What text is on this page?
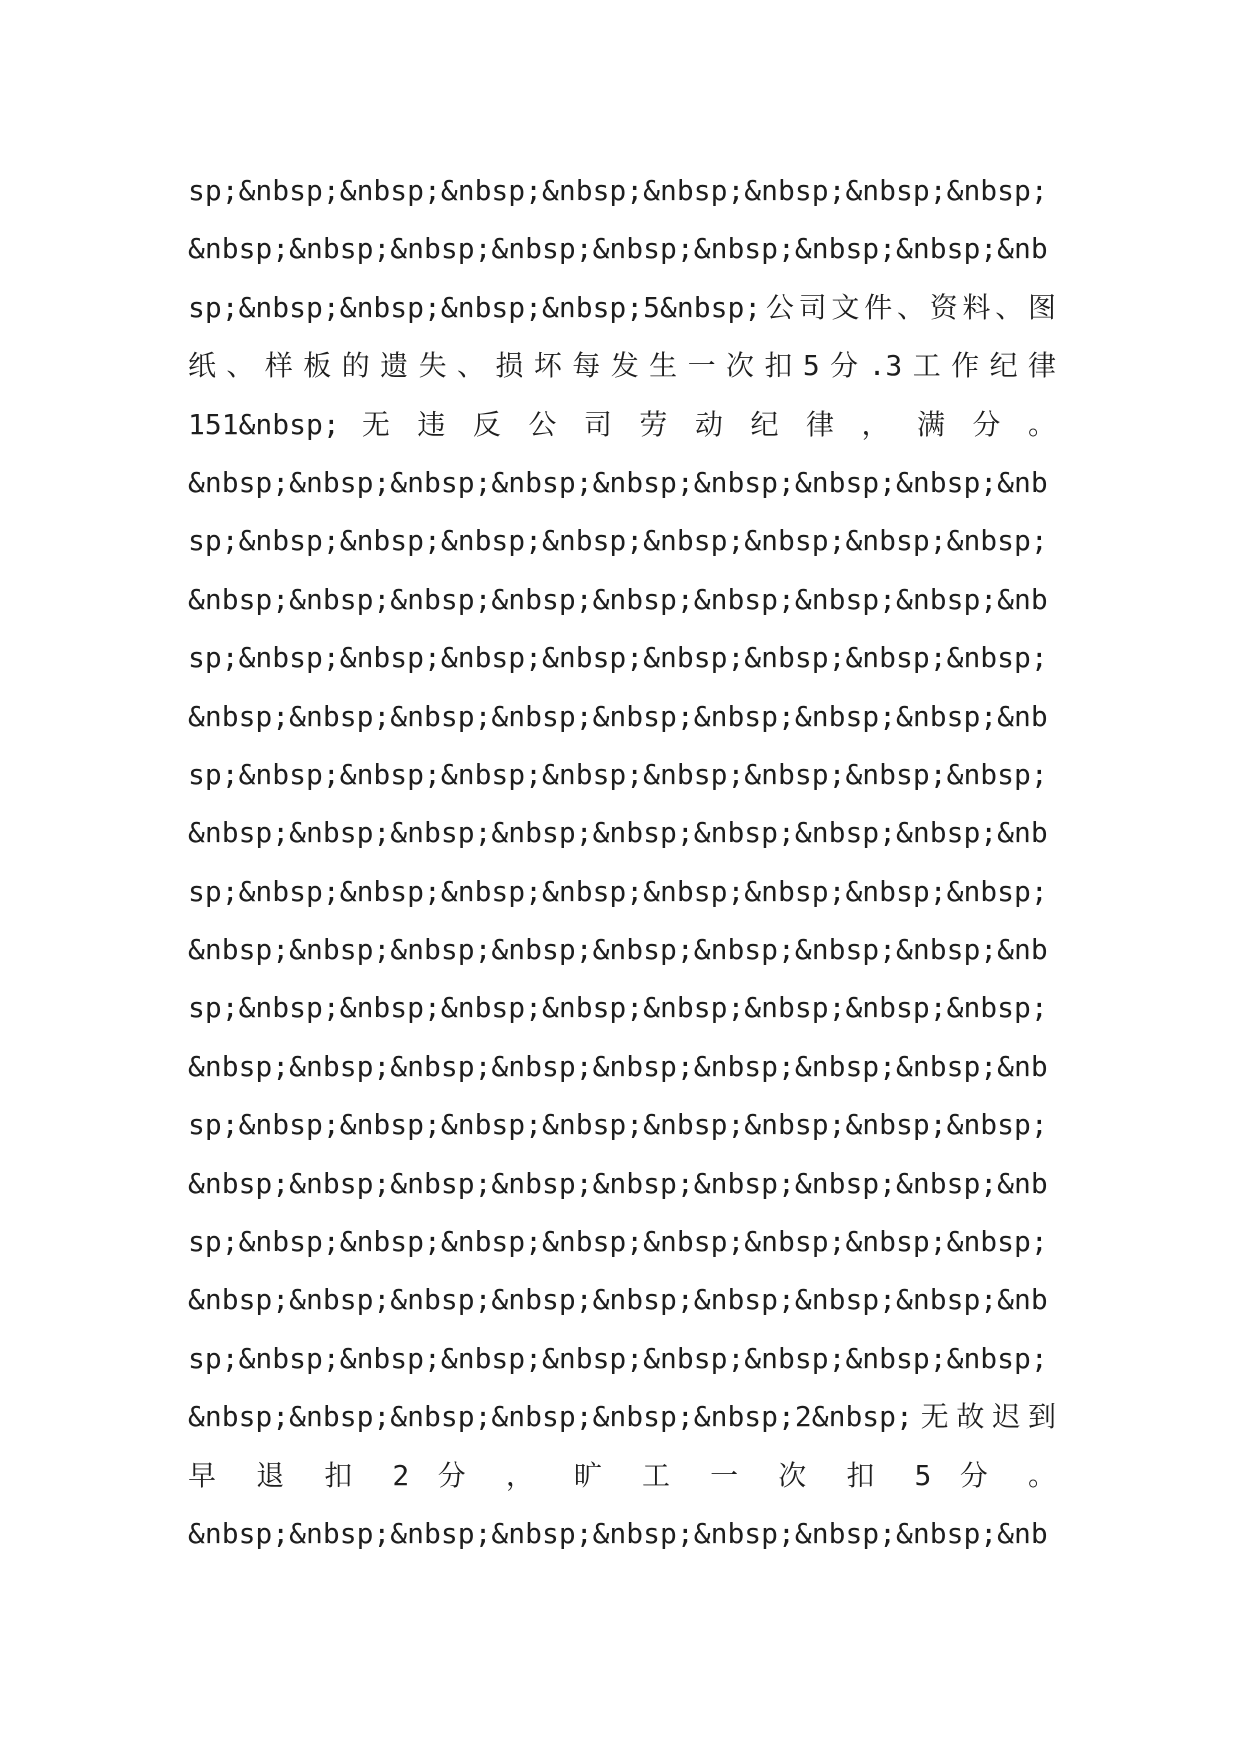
sp;&nbsp;&nbsp;&nbsp;&nbsp;&nbsp;&nbsp;&nbsp;&nbsp;
&nbsp;&nbsp;&nbsp;&nbsp;&nbsp;&nbsp;&nbsp;&nbsp;&nb
sp;&nbsp;&nbsp;&nbsp;&nbsp;5&nbsp;公司文件、资料、图
纸、样板的遗失、损坏每发生一次扣5分.3工作纪律
151&nbsp; 无 违 反 公 司 劳 动 纪 律 ， 满 分 。
&nbsp;&nbsp;&nbsp;&nbsp;&nbsp;&nbsp;&nbsp;&nbsp;&nb
sp;&nbsp;&nbsp;&nbsp;&nbsp;&nbsp;&nbsp;&nbsp;&nbsp;
&nbsp;&nbsp;&nbsp;&nbsp;&nbsp;&nbsp;&nbsp;&nbsp;&nb
sp;&nbsp;&nbsp;&nbsp;&nbsp;&nbsp;&nbsp;&nbsp;&nbsp;
&nbsp;&nbsp;&nbsp;&nbsp;&nbsp;&nbsp;&nbsp;&nbsp;&nb
sp;&nbsp;&nbsp;&nbsp;&nbsp;&nbsp;&nbsp;&nbsp;&nbsp;
&nbsp;&nbsp;&nbsp;&nbsp;&nbsp;&nbsp;&nbsp;&nbsp;&nb
sp;&nbsp;&nbsp;&nbsp;&nbsp;&nbsp;&nbsp;&nbsp;&nbsp;
&nbsp;&nbsp;&nbsp;&nbsp;&nbsp;&nbsp;&nbsp;&nbsp;&nb
sp;&nbsp;&nbsp;&nbsp;&nbsp;&nbsp;&nbsp;&nbsp;&nbsp;
&nbsp;&nbsp;&nbsp;&nbsp;&nbsp;&nbsp;&nbsp;&nbsp;&nb
sp;&nbsp;&nbsp;&nbsp;&nbsp;&nbsp;&nbsp;&nbsp;&nbsp;
&nbsp;&nbsp;&nbsp;&nbsp;&nbsp;&nbsp;&nbsp;&nbsp;&nb
sp;&nbsp;&nbsp;&nbsp;&nbsp;&nbsp;&nbsp;&nbsp;&nbsp;
&nbsp;&nbsp;&nbsp;&nbsp;&nbsp;&nbsp;&nbsp;&nbsp;&nb
sp;&nbsp;&nbsp;&nbsp;&nbsp;&nbsp;&nbsp;&nbsp;&nbsp;
&nbsp;&nbsp;&nbsp;&nbsp;&nbsp;&nbsp;2&nbsp;无故迟到
早 退 扣 2 分 ， 旷 工 一 次 扣 5 分 。
&nbsp;&nbsp;&nbsp;&nbsp;&nbsp;&nbsp;&nbsp;&nbsp;&nb
